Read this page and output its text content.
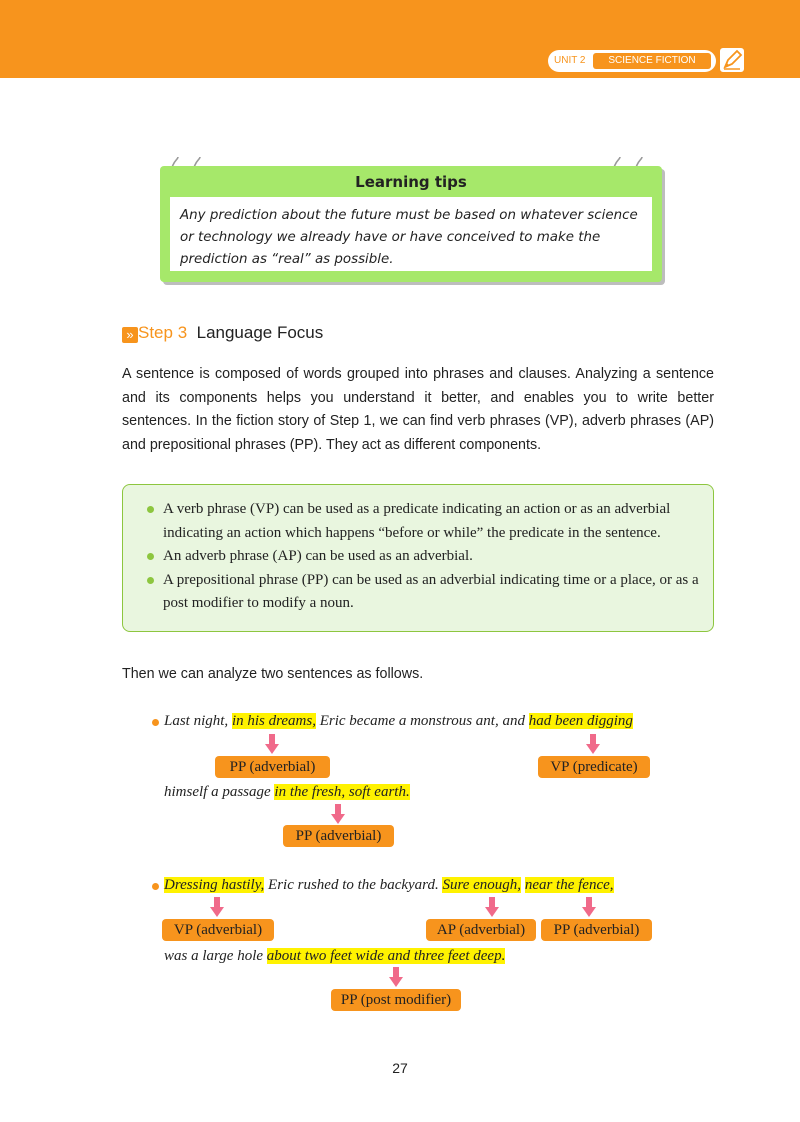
UNIT 2	SCIENCE FICTION
Learning tips
Any prediction about the future must be based on whatever science or technology we already have or have conceived to make the prediction as “real” as possible.
» Step 3 Language Focus
A sentence is composed of words grouped into phrases and clauses. Analyzing a sentence and its components helps you understand it better, and enables you to write better sentences. In the fiction story of Step 1, we can find verb phrases (VP), adverb phrases (AP) and prepositional phrases (PP). They act as different components.
A verb phrase (VP) can be used as a predicate indicating an action or as an adverbial indicating an action which happens “before or while” the predicate in the sentence.
An adverb phrase (AP) can be used as an adverbial.
A prepositional phrase (PP) can be used as an adverbial indicating time or a place, or as a post modifier to modify a noun.
Then we can analyze two sentences as follows.
Last night, in his dreams, Eric became a monstrous ant, and had been digging
PP (adverbial)	VP (predicate)
himself a passage in the fresh, soft earth.
PP (adverbial)
Dressing hastily, Eric rushed to the backyard. Sure enough, near the fence,
VP (adverbial)	AP (adverbial)	PP (adverbial)
was a large hole about two feet wide and three feet deep.
PP (post modifier)
27
